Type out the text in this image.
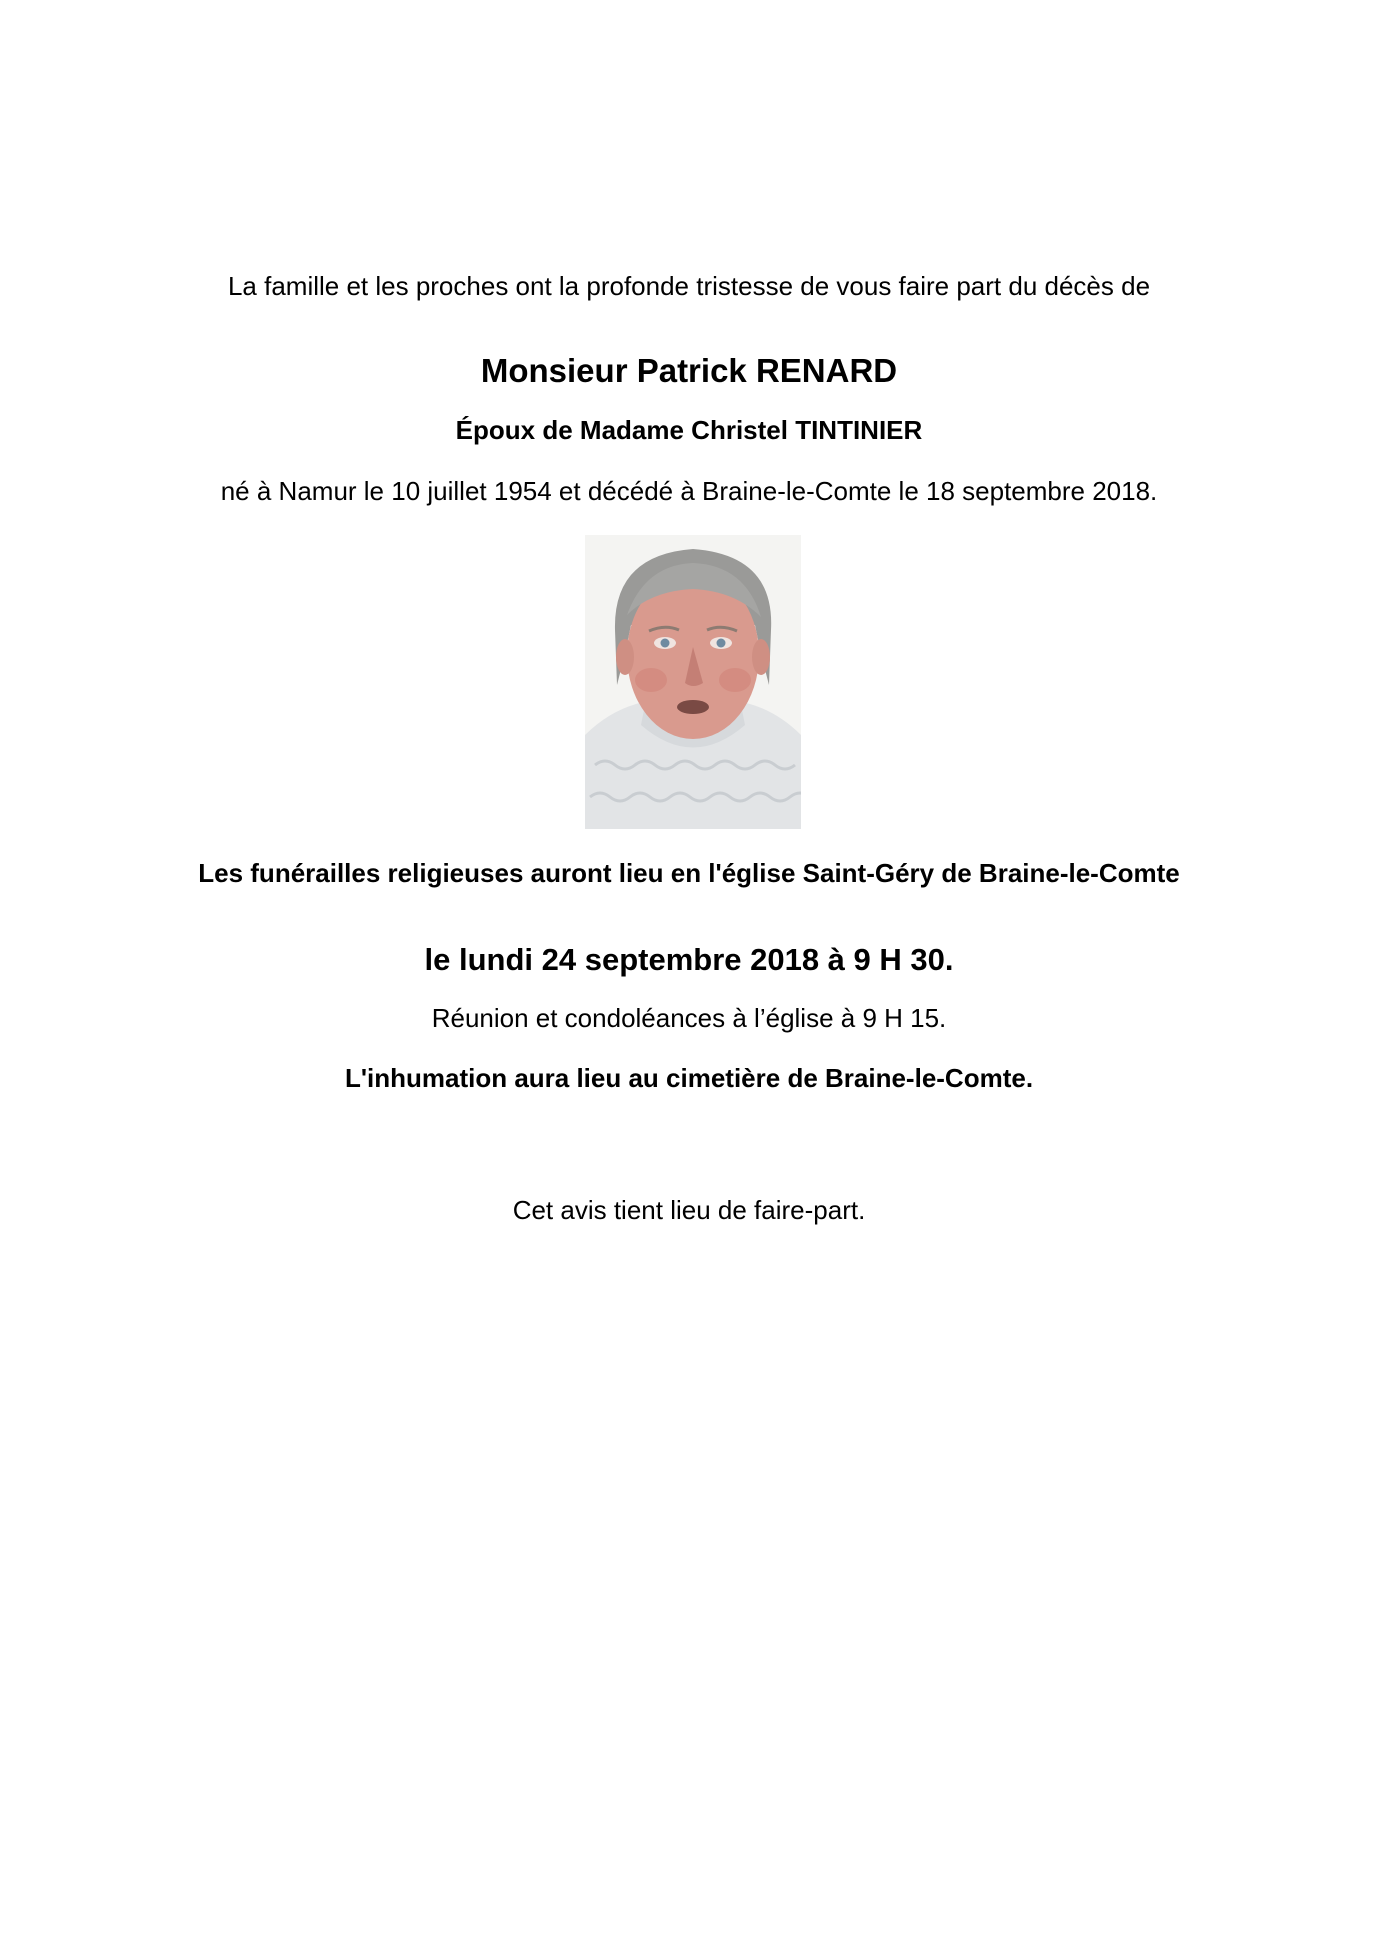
La famille et les proches ont la profonde tristesse de vous faire part du décès de
Monsieur Patrick RENARD
Époux de Madame Christel TINTINIER
né à Namur le 10 juillet 1954 et décédé à Braine-le-Comte le 18 septembre 2018.
Les funérailles religieuses auront lieu en l'église Saint-Géry de Braine-le-Comte
le lundi 24 septembre 2018 à 9 H 30.
Réunion et condoléances à l’église à 9 H 15.
L'inhumation aura lieu au cimetière de Braine-le-Comte.
Cet avis tient lieu de faire-part.
